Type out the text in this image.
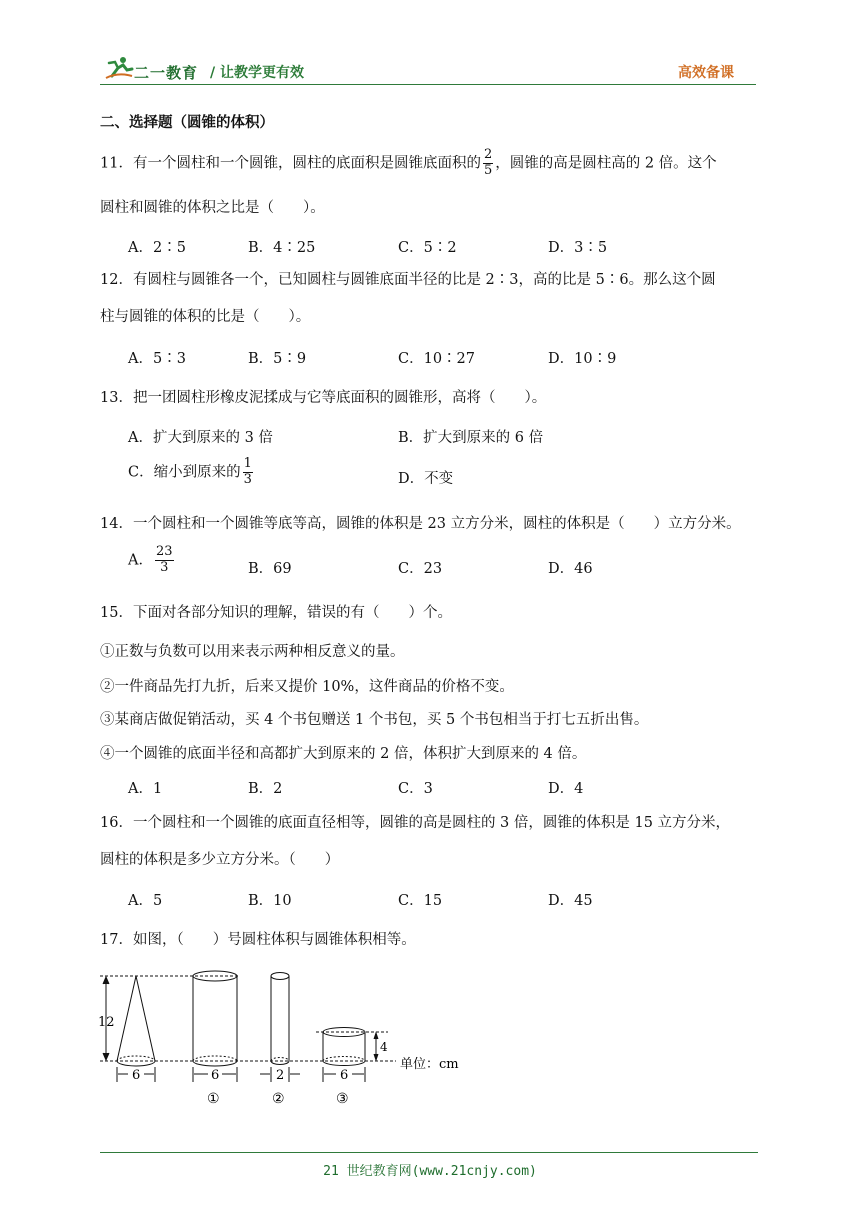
二一教育 / 让教学更有效	高效备课
二、选择题（圆锥的体积）
11．有一个圆柱和一个圆锥，圆柱的底面积是圆锥底面积的 $\frac{2}{5}$ ，圆锥的高是圆柱高的 2 倍。这个
圆柱和圆锥的体积之比是（　　）。
A．2∶5	B．4∶25	C．5∶2	D．3∶5
12．有圆柱与圆锥各一个，已知圆柱与圆锥底面半径的比是 2∶3，高的比是 5∶6。那么这个圆
柱与圆锥的体积的比是（　　）。
A．5∶3	B．5∶9	C．10∶27	D．10∶9
13．把一团圆柱形橡皮泥揉成与它等底面积的圆锥形，高将（　　）。
A．扩大到原来的 3 倍	B．扩大到原来的 6 倍
C．缩小到原来的 $\frac{1}{3}$	D．不变
14．一个圆柱和一个圆锥等底等高，圆锥的体积是 23 立方分米，圆柱的体积是（　　）立方分米。
A． $\frac{23}{3}$	B．69	C．23	D．46
15．下面对各部分知识的理解，错误的有（　　）个。
①正数与负数可以用来表示两种相反意义的量。
②一件商品先打九折，后来又提价 10%，这件商品的价格不变。
③某商店做促销活动，买 4 个书包赠送 1 个书包，买 5 个书包相当于打七五折出售。
④一个圆锥的底面半径和高都扩大到原来的 2 倍，体积扩大到原来的 4 倍。
A．1	B．2	C．3	D．4
16．一个圆柱和一个圆锥的底面直径相等，圆锥的高是圆柱的 3 倍，圆锥的体积是 15 立方分米，
圆柱的体积是多少立方分米。（　　）
A．5	B．10	C．15	D．45
17．如图，（　　）号圆柱体积与圆锥体积相等。
12
6	6	2	6
4
①	②	③
单位：cm
21 世纪教育网(www.21cnjy.com)
